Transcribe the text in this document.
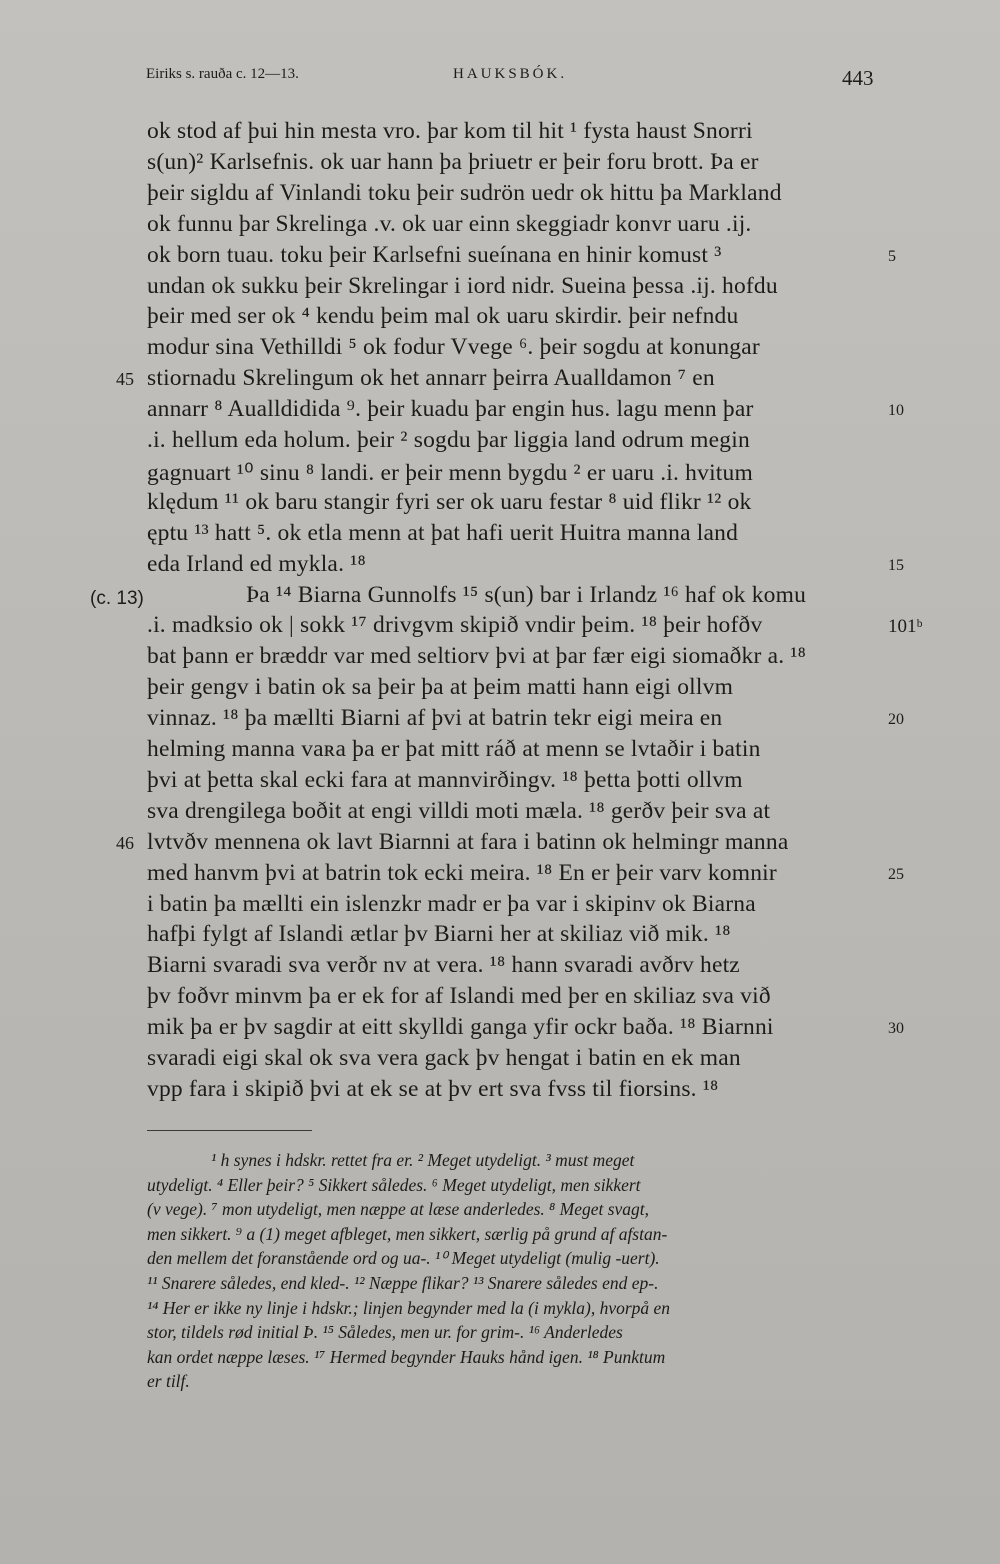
Eiriks s. rauða c. 12—13.	HAUKSBÓK.	443
ok stod af þui hin mesta vro. þar kom til hit ¹ fysta haust Snorri
s(un)² Karlsefnis. ok uar hann þa þriuetr er þeir foru brott. Þa er
þeir sigldu af Vinlandi toku þeir sudrön uedr ok hittu þa Markland
ok funnu þar Skrelinga .v. ok uar einn skeggiadr konvr uaru .ij.
ok born tuau. toku þeir Karlsefni sueínana en hinir komust ³	5
undan ok sukku þeir Skrelingar i iord nidr. Sueina þessa .ij. hofdu
þeir med ser ok ⁴ kendu þeim mal ok uaru skirdir. þeir nefndu
modur sina Vethilldi ⁵ ok fodur Vvege ⁶. þeir sogdu at konungar
stiornadu Skrelingum ok het annarr þeirra Aualldamon ⁷ en
45
annarr ⁸ Aualldidida ⁹. þeir kuadu þar engin hus. lagu menn þar	10
.i. hellum eda holum. þeir ² sogdu þar liggia land odrum megin
gagnuart ¹⁰ sinu ⁸ landi. er þeir menn bygdu ² er uaru .i. hvitum
klędum ¹¹ ok baru stangir fyri ser ok uaru festar ⁸ uid flikr ¹² ok
ęptu ¹³ hatt ⁵. ok etla menn at þat hafi uerit Huitra manna land
eda Irland ed mykla. ¹⁸	15
Þa ¹⁴ Biarna Gunnolfs ¹⁵ s(un) bar i Irlandz ¹⁶ haf ok komu
(c. 13)
.i. madksio ok | sokk ¹⁷ drivgvm skipið vndir þeim. ¹⁸ þeir hofðv	101ᵇ
bat þann er bræddr var med seltiorv þvi at þar fær eigi siomaðkr a. ¹⁸
þeir gengv i batin ok sa þeir þa at þeim matti hann eigi ollvm
vinnaz. ¹⁸ þa mællti Biarni af þvi at batrin tekr eigi meira en	20
helming manna vaʀa þa er þat mitt ráð at menn se lvtaðir i batin
þvi at þetta skal ecki fara at mannvirðingv. ¹⁸ þetta þotti ollvm
sva drengilega boðit at engi villdi moti mæla. ¹⁸ gerðv þeir sva at
lvtvðv mennena ok lavt Biarnni at fara i batinn ok helmingr manna
46
med hanvm þvi at batrin tok ecki meira. ¹⁸ En er þeir varv komnir	25
i batin þa mællti ein islenzkr madr er þa var i skipinv ok Biarna
hafþi fylgt af Islandi ætlar þv Biarni her at skiliaz við mik. ¹⁸
Biarni svaradi sva verðr nv at vera. ¹⁸ hann svaradi avðrv hetz
þv foðvr minvm þa er ek for af Islandi med þer en skiliaz sva við
mik þa er þv sagdir at eitt skylldi ganga yfir ockr baða. ¹⁸ Biarnni	30
svaradi eigi skal ok sva vera gack þv hengat i batin en ek man
vpp fara i skipið þvi at ek se at þv ert sva fvss til fiorsins. ¹⁸
¹ h synes i hdskr. rettet fra er. ² Meget utydeligt. ³ must meget
utydeligt. ⁴ Eller þeir? ⁵ Sikkert således. ⁶ Meget utydeligt, men sikkert
(v vege). ⁷ mon utydeligt, men næppe at læse anderledes. ⁸ Meget svagt,
men sikkert. ⁹ a (1) meget afbleget, men sikkert, særlig på grund af afstan-
den mellem det foranstående ord og ua-. ¹⁰ Meget utydeligt (mulig -uert).
¹¹ Snarere således, end kled-. ¹² Næppe flikar? ¹³ Snarere således end ep-.
¹⁴ Her er ikke ny linje i hdskr.; linjen begynder med la (i mykla), hvorpå en
stor, tildels rød initial Þ. ¹⁵ Således, men ur. for grim-. ¹⁶ Anderledes
kan ordet næppe læses. ¹⁷ Hermed begynder Hauks hånd igen. ¹⁸ Punktum
er tilf.
